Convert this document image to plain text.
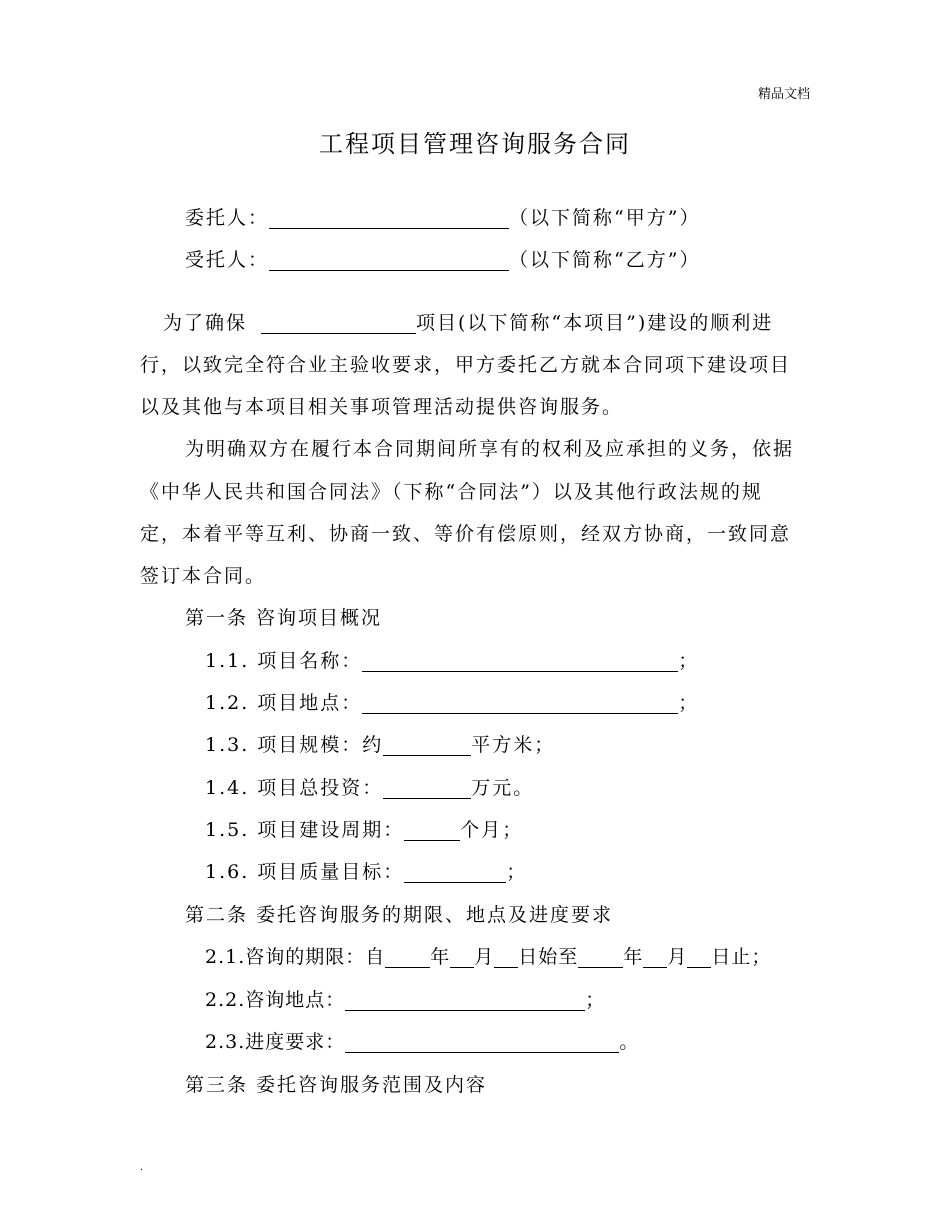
精品文档
工程项目管理咨询服务合同
委托人：	（以下简称“甲方”）
受托人：	（以下简称“乙方”）
为了确保	项目(以下简称“本项目”)建设的顺利进
行，以致完全符合业主验收要求，甲方委托乙方就本合同项下建设项目
以及其他与本项目相关事项管理活动提供咨询服务。
为明确双方在履行本合同期间所享有的权利及应承担的义务，依据
《中华人民共和国合同法》（下称“合同法”）以及其他行政法规的规
定，本着平等互利、协商一致、等价有偿原则，经双方协商，一致同意
签订本合同。
第一条 咨询项目概况
1.1. 项目名称：	；
1.2. 项目地点：	；
1.3. 项目规模：约	平方米；
1.4. 项目总投资：	万元。
1.5. 项目建设周期：	个月；
1.6. 项目质量目标：	；
第二条 委托咨询服务的期限、地点及进度要求
2.1.咨询的期限：自 年 月 日始至 年 月 日止；
2.2.咨询地点：	；
2.3.进度要求：	。
第三条 委托咨询服务范围及内容
.
